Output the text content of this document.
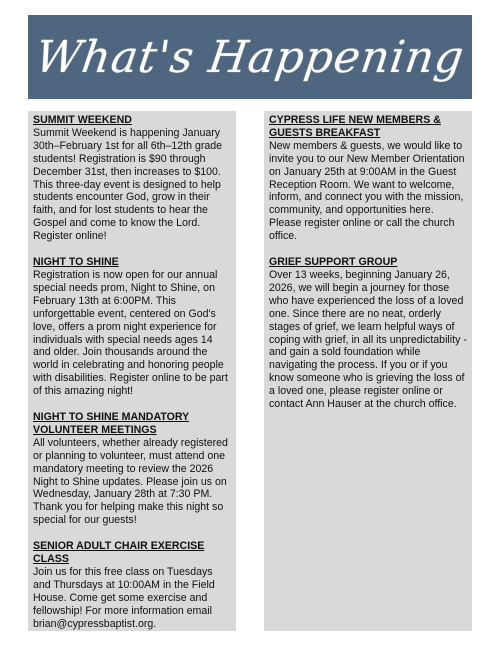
What's Happening
SUMMIT WEEKEND
Summit Weekend is happening January 30th–February 1st for all 6th–12th grade students! Registration is $90 through December 31st, then increases to $100. This three-day event is designed to help students encounter God, grow in their faith, and for lost students to hear the Gospel and come to know the Lord. Register online!
NIGHT TO SHINE
Registration is now open for our annual special needs prom, Night to Shine, on February 13th at 6:00PM. This unforgettable event, centered on God's love, offers a prom night experience for individuals with special needs ages 14 and older. Join thousands around the world in celebrating and honoring people with disabilities. Register online to be part of this amazing night!
NIGHT TO SHINE MANDATORY VOLUNTEER MEETINGS
All volunteers, whether already registered or planning to volunteer, must attend one mandatory meeting to review the 2026 Night to Shine updates. Please join us on Wednesday, January 28th at 7:30 PM. Thank you for helping make this night so special for our guests!
SENIOR ADULT CHAIR EXERCISE CLASS
Join us for this free class on Tuesdays and Thursdays at 10:00AM in the Field House. Come get some exercise and fellowship! For more information email brian@cypressbaptist.org.
CYPRESS LIFE NEW MEMBERS & GUESTS BREAKFAST
New members & guests, we would like to invite you to our New Member Orientation on January 25th at 9:00AM in the Guest Reception Room. We want to welcome, inform, and connect you with the mission, community, and opportunities here. Please register online or call the church office.
GRIEF SUPPORT GROUP
Over 13 weeks, beginning January 26, 2026, we will begin a journey for those who have experienced the loss of a loved one. Since there are no neat, orderly stages of grief, we learn helpful ways of coping with grief, in all its unpredictability - and gain a sold foundation while navigating the process. If you or if you know someone who is grieving the loss of a loved one, please register online or contact Ann Hauser at the church office.
